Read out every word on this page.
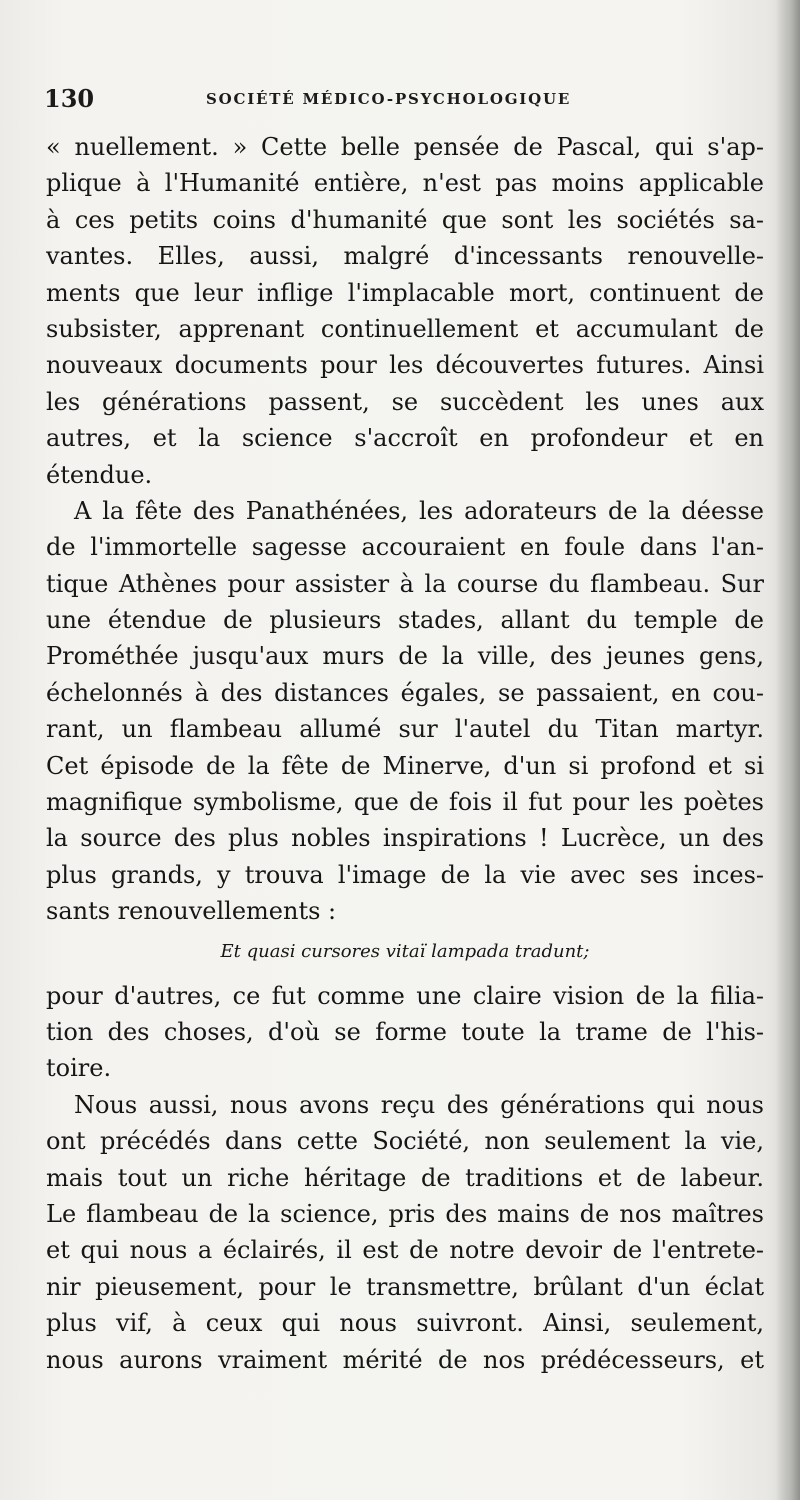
130	SOCIÉTÉ MÉDICO-PSYCHOLOGIQUE
« nuellement. » Cette belle pensée de Pascal, qui s'ap-
plique à l'Humanité entière, n'est pas moins applicable
à ces petits coins d'humanité que sont les sociétés sa-
vantes. Elles, aussi, malgré d'incessants renouvelle-
ments que leur inflige l'implacable mort, continuent de
subsister, apprenant continuellement et accumulant de
nouveaux documents pour les découvertes futures. Ainsi
les générations passent, se succèdent les unes aux
autres, et la science s'accroît en profondeur et en
étendue.
A la fête des Panathénées, les adorateurs de la déesse
de l'immortelle sagesse accouraient en foule dans l'an-
tique Athènes pour assister à la course du flambeau. Sur
une étendue de plusieurs stades, allant du temple de
Prométhée jusqu'aux murs de la ville, des jeunes gens,
échelonnés à des distances égales, se passaient, en cou-
rant, un flambeau allumé sur l'autel du Titan martyr.
Cet épisode de la fête de Minerve, d'un si profond et si
magnifique symbolisme, que de fois il fut pour les poètes
la source des plus nobles inspirations ! Lucrèce, un des
plus grands, y trouva l'image de la vie avec ses inces-
sants renouvellements :
Et quasi cursores vitaï lampada tradunt;
pour d'autres, ce fut comme une claire vision de la filia-
tion des choses, d'où se forme toute la trame de l'his-
toire.
Nous aussi, nous avons reçu des générations qui nous
ont précédés dans cette Société, non seulement la vie,
mais tout un riche héritage de traditions et de labeur.
Le flambeau de la science, pris des mains de nos maîtres
et qui nous a éclairés, il est de notre devoir de l'entrete-
nir pieusement, pour le transmettre, brûlant d'un éclat
plus vif, à ceux qui nous suivront. Ainsi, seulement,
nous aurons vraiment mérité de nos prédécesseurs, et
